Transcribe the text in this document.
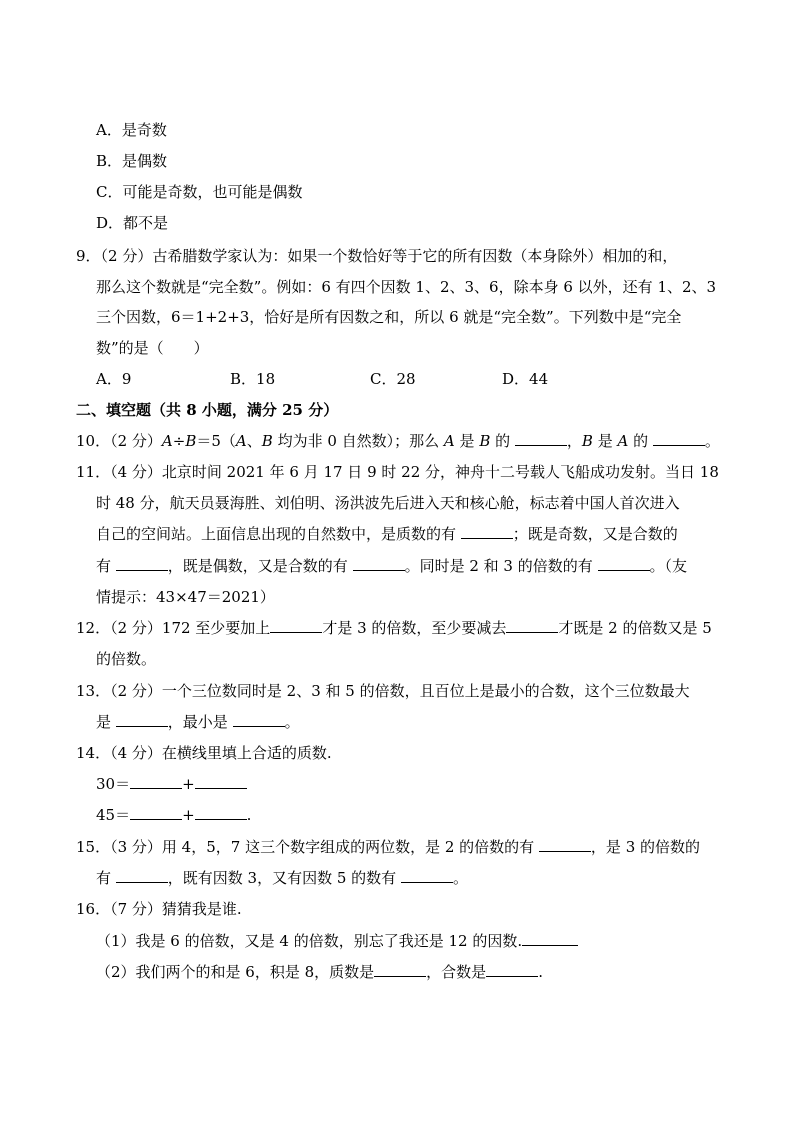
A．是奇数
B．是偶数
C．可能是奇数，也可能是偶数
D．都不是
9．（2 分）古希腊数学家认为：如果一个数恰好等于它的所有因数（本身除外）相加的和，
那么这个数就是“完全数”。例如：6 有四个因数 1、2、3、6，除本身 6 以外，还有 1、2、3
三个因数，6＝1+2+3，恰好是所有因数之和，所以 6 就是“完全数”。下列数中是“完全
数”的是（　　）
A．9	B．18	C．28	D．44
二、填空题（共 8 小题，满分 25 分）
10．（2 分）A÷B＝5（A、B 均为非 0 自然数）；那么 A 是 B 的	，B 是 A 的	。
11．（4 分）北京时间 2021 年 6 月 17 日 9 时 22 分，神舟十二号载人飞船成功发射。当日 18
时 48 分，航天员聂海胜、刘伯明、汤洪波先后进入天和核心舱，标志着中国人首次进入
自己的空间站。上面信息出现的自然数中，是质数的有	；既是奇数，又是合数的
有	，既是偶数，又是合数的有	。同时是 2 和 3 的倍数的有	。（友
情提示：43×47＝2021）
12．（2 分）172 至少要加上	才是 3 的倍数，至少要减去	才既是 2 的倍数又是 5
的倍数。
13．（2 分）一个三位数同时是 2、3 和 5 的倍数，且百位上是最小的合数，这个三位数最大
是	，最小是	。
14．（4 分）在横线里填上合适的质数.
30＝	+
45＝	+	.
15．（3 分）用 4，5，7 这三个数字组成的两位数，是 2 的倍数的有	，是 3 的倍数的
有	，既有因数 3，又有因数 5 的数有	。
16．（7 分）猜猜我是谁.
（1）我是 6 的倍数，又是 4 的倍数，别忘了我还是 12 的因数.
（2）我们两个的和是 6，积是 8，质数是	，合数是	.
